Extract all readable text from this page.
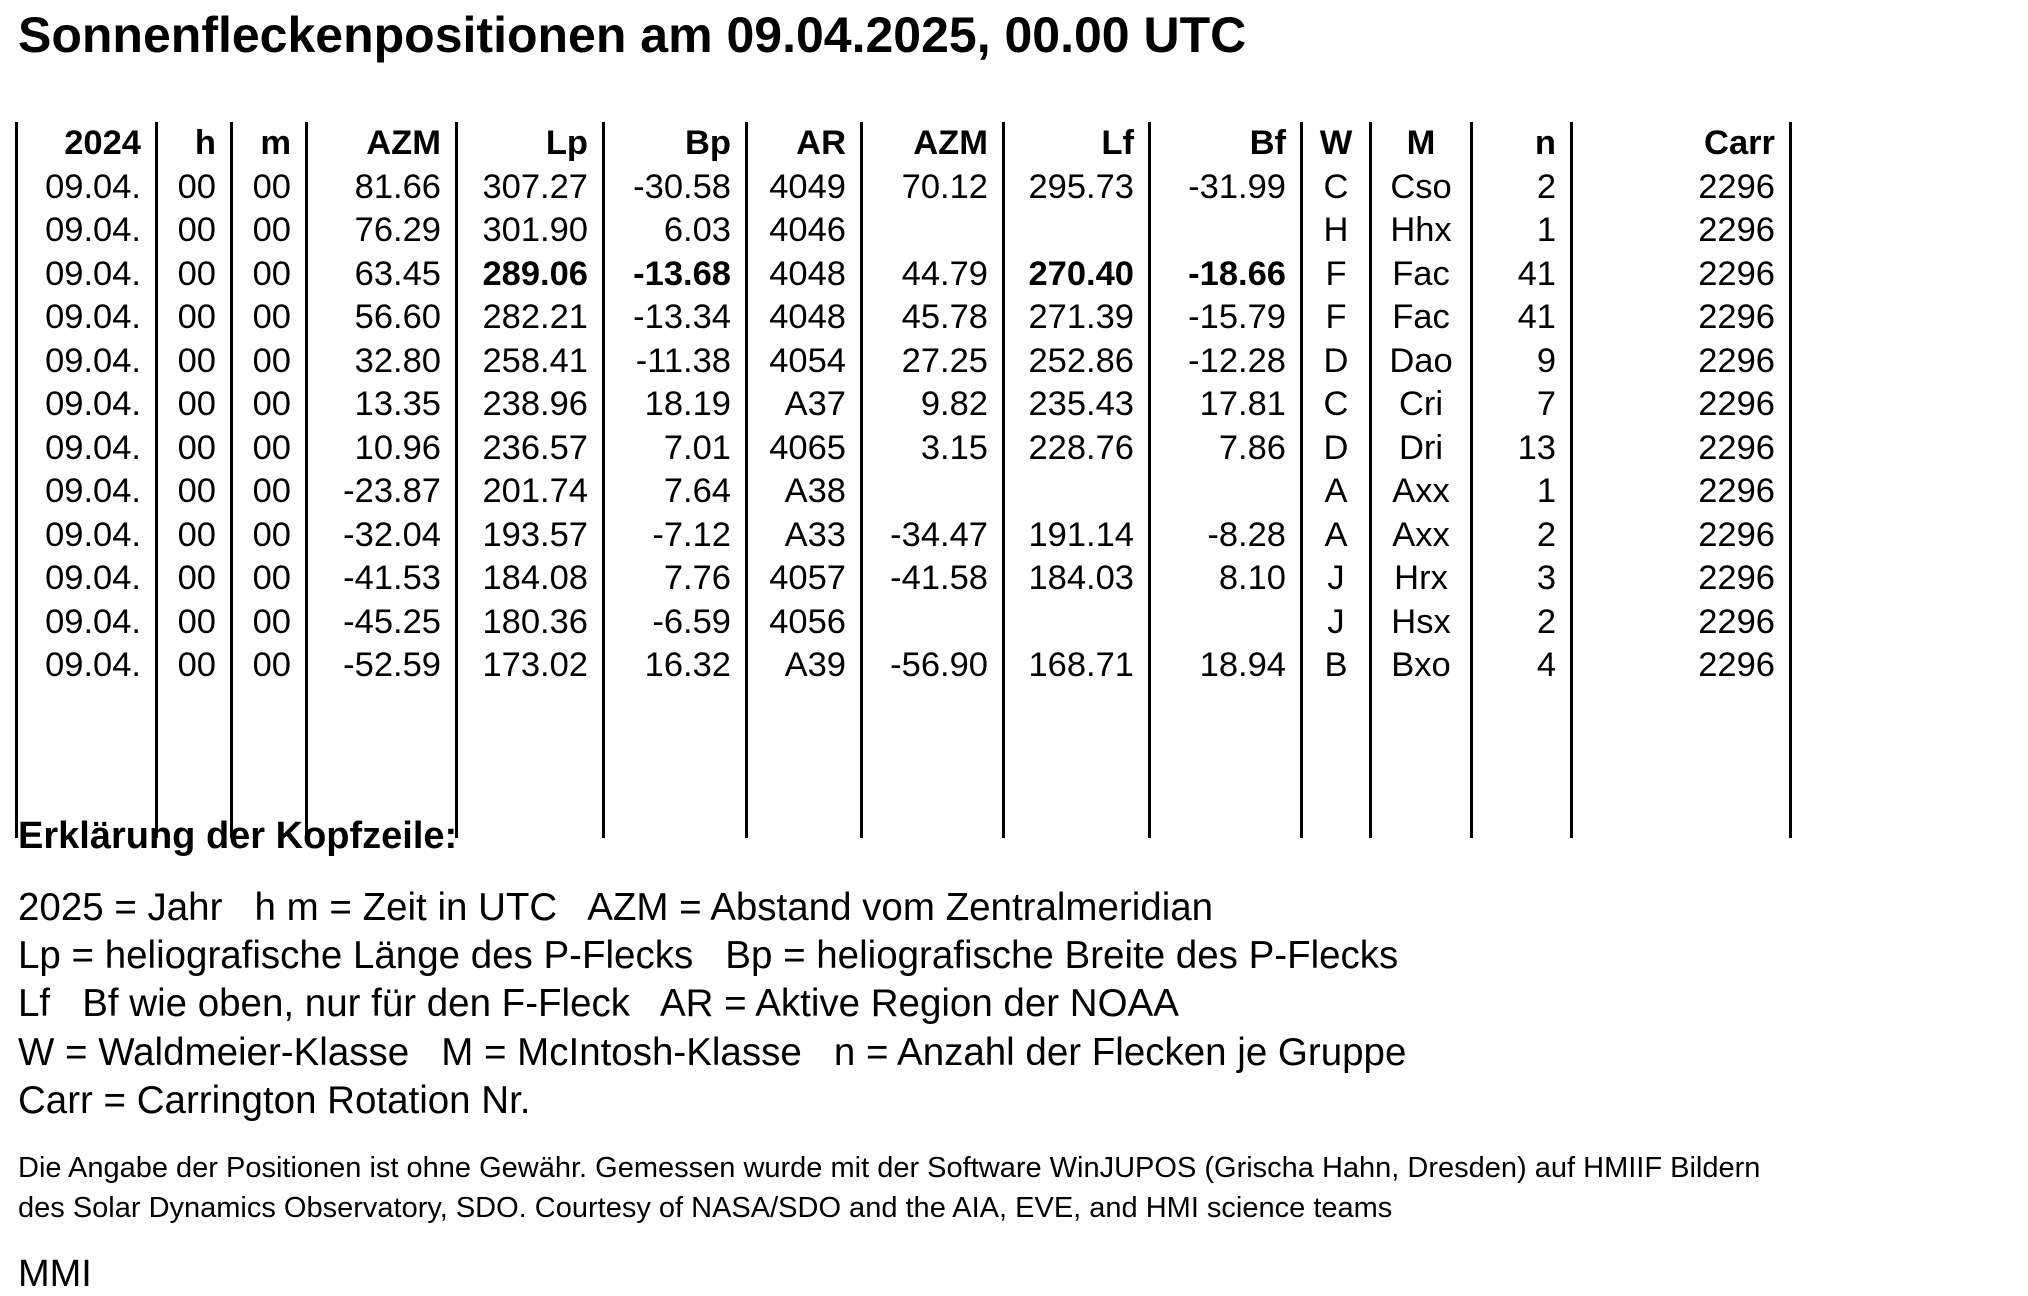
Sonnenfleckenpositionen am 09.04.2025, 00.00 UTC
2024	h	m	AZM	Lp	Bp	AR	AZM	Lf	Bf	W	M	n	Carr
09.04.	00	00	81.66	307.27	-30.58	4049	70.12	295.73	-31.99	C	Cso	2	2296
09.04.	00	00	76.29	301.90	6.03	4046				H	Hhx	1	2296
09.04.	00	00	63.45	289.06	-13.68	4048	44.79	270.40	-18.66	F	Fac	41	2296
09.04.	00	00	56.60	282.21	-13.34	4048	45.78	271.39	-15.79	F	Fac	41	2296
09.04.	00	00	32.80	258.41	-11.38	4054	27.25	252.86	-12.28	D	Dao	9	2296
09.04.	00	00	13.35	238.96	18.19	A37	9.82	235.43	17.81	C	Cri	7	2296
09.04.	00	00	10.96	236.57	7.01	4065	3.15	228.76	7.86	D	Dri	13	2296
09.04.	00	00	-23.87	201.74	7.64	A38				A	Axx	1	2296
09.04.	00	00	-32.04	193.57	-7.12	A33	-34.47	191.14	-8.28	A	Axx	2	2296
09.04.	00	00	-41.53	184.08	7.76	4057	-41.58	184.03	8.10	J	Hrx	3	2296
09.04.	00	00	-45.25	180.36	-6.59	4056				J	Hsx	2	2296
09.04.	00	00	-52.59	173.02	16.32	A39	-56.90	168.71	18.94	B	Bxo	4	2296

Erklärung der Kopfzeile:
2025 = Jahr   h m = Zeit in UTC   AZM = Abstand vom Zentralmeridian
Lp = heliografische Länge des P-Flecks   Bp = heliografische Breite des P-Flecks
Lf   Bf wie oben, nur für den F-Fleck   AR = Aktive Region der NOAA
W = Waldmeier-Klasse   M = McIntosh-Klasse   n = Anzahl der Flecken je Gruppe
Carr = Carrington Rotation Nr.
Die Angabe der Positionen ist ohne Gewähr. Gemessen wurde mit der Software WinJUPOS (Grischa Hahn, Dresden) auf HMIIF Bildern
des Solar Dynamics Observatory, SDO. Courtesy of NASA/SDO and the AIA, EVE, and HMI science teams
MMI
